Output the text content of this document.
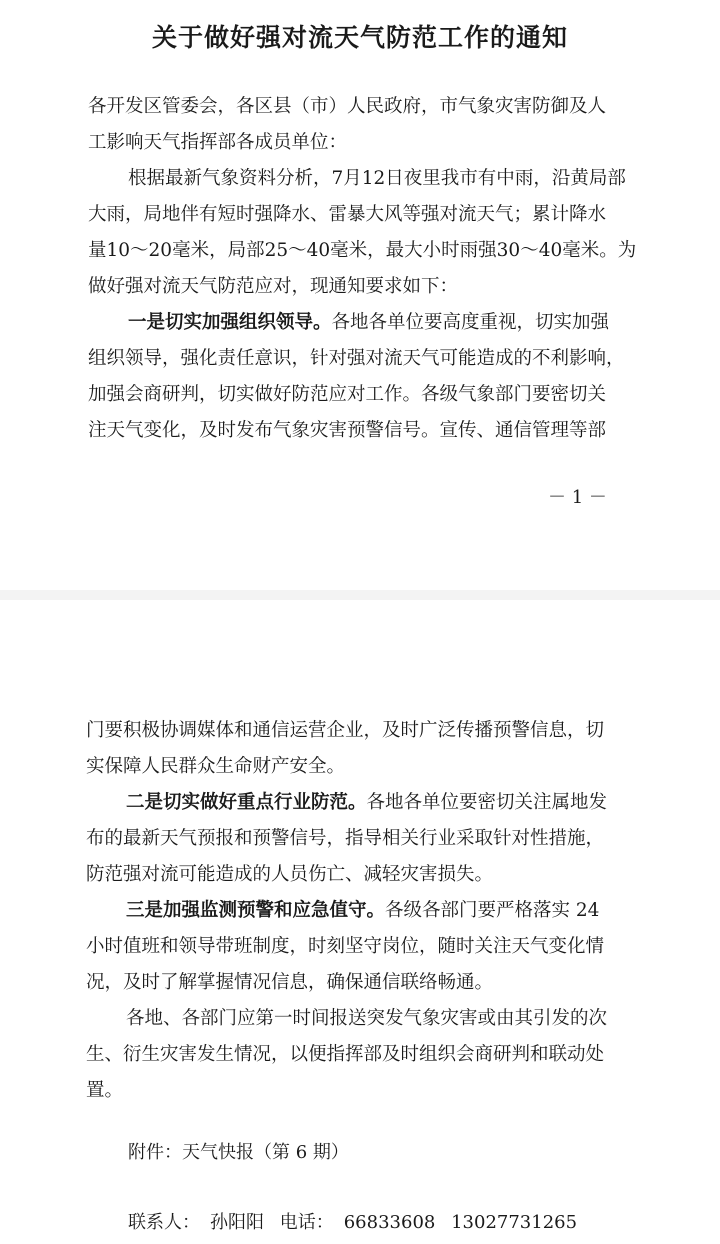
关于做好强对流天气防范工作的通知

各开发区管委会，各区县（市）人民政府，市气象灾害防御及人

工影响天气指挥部各成员单位：

根据最新气象资料分析，7月12日夜里我市有中雨，沿黄局部

大雨，局地伴有短时强降水、雷暴大风等强对流天气；累计降水

量10～20毫米，局部25～40毫米，最大小时雨强30～40毫米。为

做好强对流天气防范应对，现通知要求如下：

一是切实加强组织领导。各地各单位要高度重视，切实加强

组织领导，强化责任意识，针对强对流天气可能造成的不利影响，

加强会商研判，切实做好防范应对工作。各级气象部门要密切关

注天气变化，及时发布气象灾害预警信号。宣传、通信管理等部

－ 1 －

门要积极协调媒体和通信运营企业，及时广泛传播预警信息，切

实保障人民群众生命财产安全。

二是切实做好重点行业防范。各地各单位要密切关注属地发

布的最新天气预报和预警信号，指导相关行业采取针对性措施，

防范强对流可能造成的人员伤亡、减轻灾害损失。

三是加强监测预警和应急值守。各级各部门要严格落实 24

小时值班和领导带班制度，时刻坚守岗位，随时关注天气变化情

况，及时了解掌握情况信息，确保通信联络畅通。

各地、各部门应第一时间报送突发气象灾害或由其引发的次

生、衍生灾害发生情况，以便指挥部及时组织会商研判和联动处

置。

附件：天气快报（第 6 期）

联系人： 孙阳阳 电话： 66833608 13027731265
